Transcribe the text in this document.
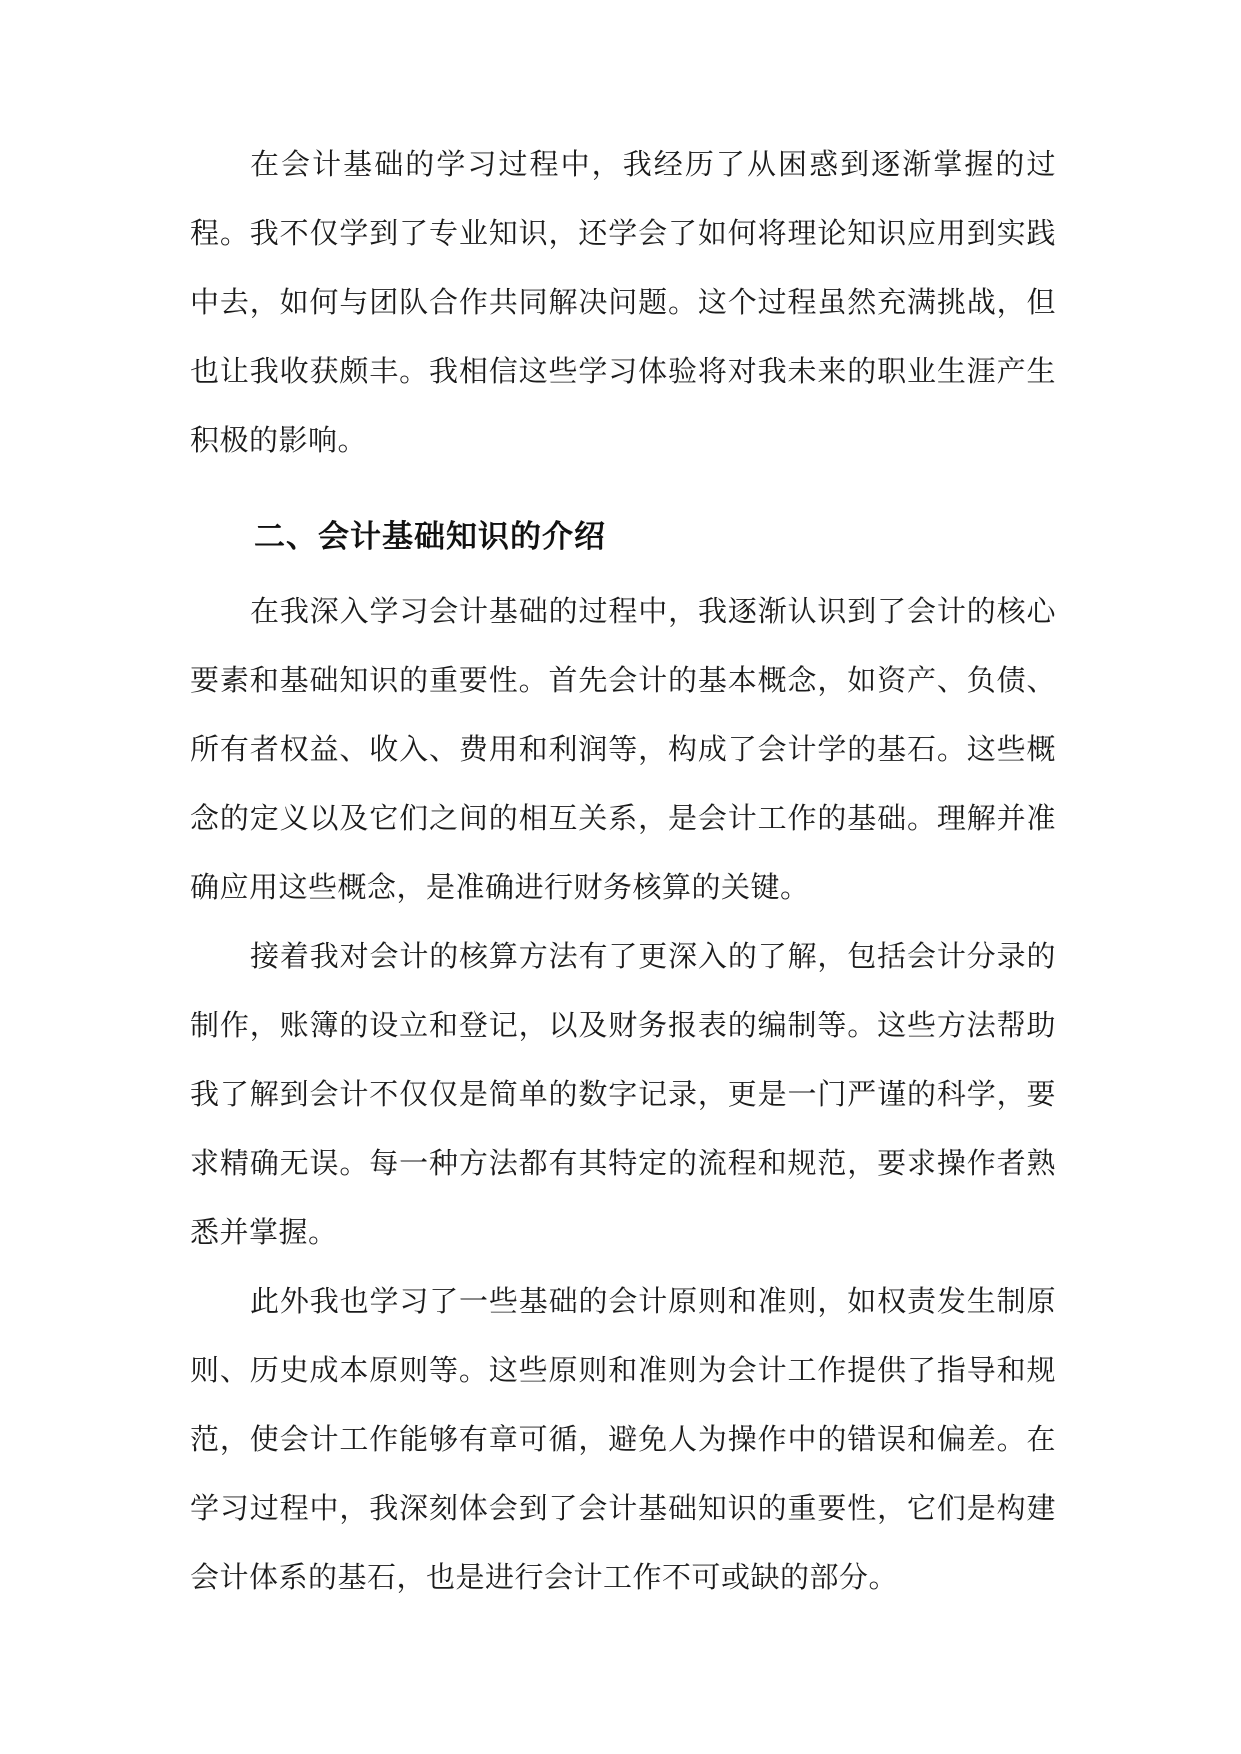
在会计基础的学习过程中，我经历了从困惑到逐渐掌握的过程。我不仅学到了专业知识，还学会了如何将理论知识应用到实践中去，如何与团队合作共同解决问题。这个过程虽然充满挑战，但也让我收获颇丰。我相信这些学习体验将对我未来的职业生涯产生积极的影响。

二、会计基础知识的介绍

在我深入学习会计基础的过程中，我逐渐认识到了会计的核心要素和基础知识的重要性。首先会计的基本概念，如资产、负债、所有者权益、收入、费用和利润等，构成了会计学的基石。这些概念的定义以及它们之间的相互关系，是会计工作的基础。理解并准确应用这些概念，是准确进行财务核算的关键。

接着我对会计的核算方法有了更深入的了解，包括会计分录的制作，账簿的设立和登记，以及财务报表的编制等。这些方法帮助我了解到会计不仅仅是简单的数字记录，更是一门严谨的科学，要求精确无误。每一种方法都有其特定的流程和规范，要求操作者熟悉并掌握。

此外我也学习了一些基础的会计原则和准则，如权责发生制原则、历史成本原则等。这些原则和准则为会计工作提供了指导和规范，使会计工作能够有章可循，避免人为操作中的错误和偏差。在学习过程中，我深刻体会到了会计基础知识的重要性，它们是构建会计体系的基石，也是进行会计工作不可或缺的部分。
